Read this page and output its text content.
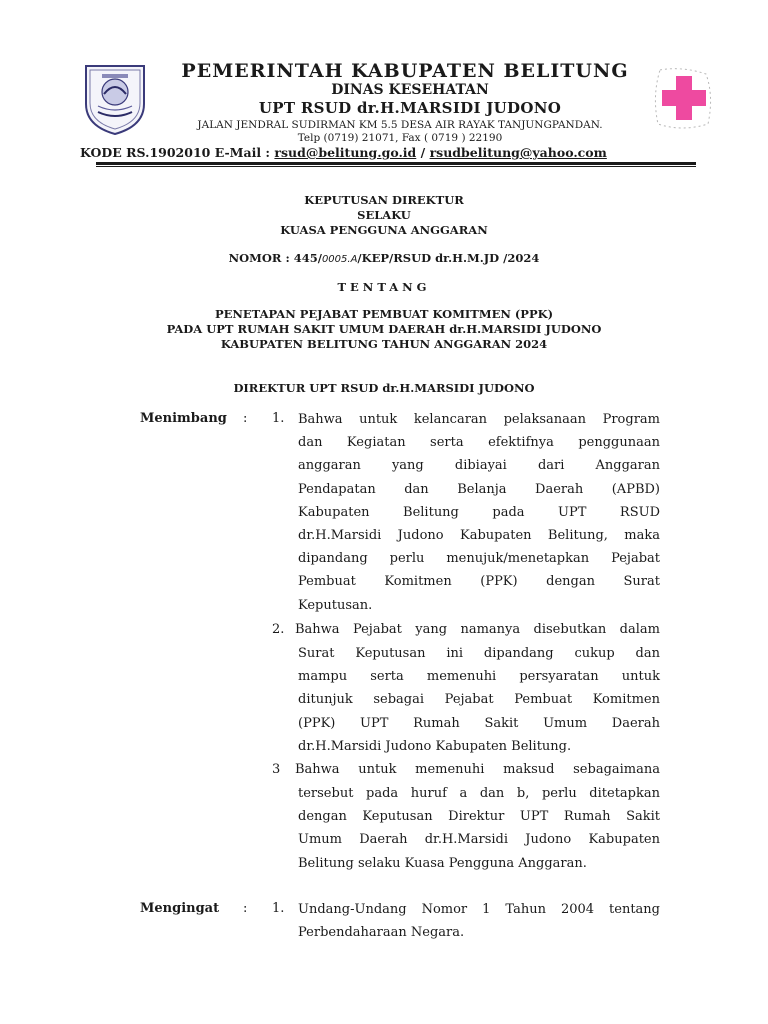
PEMERINTAH KABUPATEN BELITUNG
DINAS KESEHATAN
UPT RSUD dr.H.MARSIDI JUDONO
JALAN JENDRAL SUDIRMAN KM 5.5 DESA AIR RAYAK TANJUNGPANDAN.
Telp (0719) 21071, Fax ( 0719 ) 22190
KODE RS.1902010 E-Mail : rsud@belitung.go.id / rsudbelitung@yahoo.com
KEPUTUSAN DIREKTUR
SELAKU
KUASA PENGGUNA ANGGARAN
NOMOR : 445/0005.A/KEP/RSUD dr.H.M.JD /2024
TENTANG
PENETAPAN PEJABAT PEMBUAT KOMITMEN (PPK)
PADA UPT RUMAH SAKIT UMUM DAERAH dr.H.MARSIDI JUDONO
KABUPATEN BELITUNG TAHUN ANGGARAN 2024
DIREKTUR UPT RSUD dr.H.MARSIDI JUDONO
Menimbang : 1. Bahwa untuk kelancaran pelaksanaan Program
dan Kegiatan serta efektifnya penggunaan
anggaran yang dibiayai dari Anggaran
Pendapatan dan Belanja Daerah (APBD)
Kabupaten Belitung pada UPT RSUD
dr.H.Marsidi Judono Kabupaten Belitung, maka
dipandang perlu menujuk/menetapkan Pejabat
Pembuat Komitmen (PPK) dengan Surat
Keputusan.
2. Bahwa Pejabat yang namanya disebutkan dalam
Surat Keputusan ini dipandang cukup dan
mampu serta memenuhi persyaratan untuk
ditunjuk sebagai Pejabat Pembuat Komitmen
(PPK) UPT Rumah Sakit Umum Daerah
dr.H.Marsidi Judono Kabupaten Belitung.
3 Bahwa untuk memenuhi maksud sebagaimana
tersebut pada huruf a dan b, perlu ditetapkan
dengan Keputusan Direktur UPT Rumah Sakit
Umum Daerah dr.H.Marsidi Judono Kabupaten
Belitung selaku Kuasa Pengguna Anggaran.
Mengingat : 1. Undang-Undang Nomor 1 Tahun 2004 tentang
Perbendaharaan Negara.
